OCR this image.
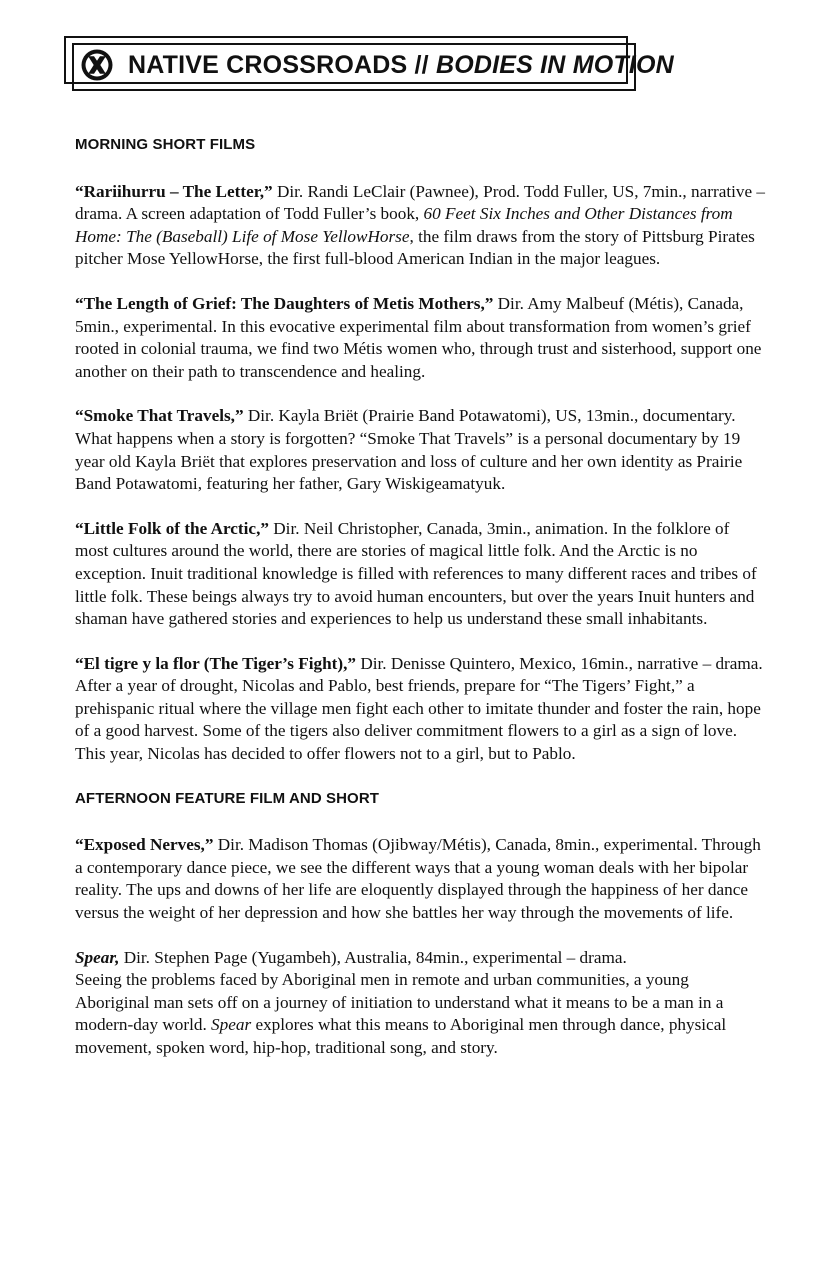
NATIVE CROSSROADS // BODIES IN MOTION
MORNING SHORT FILMS

“Rariihurru – The Letter,” Dir. Randi LeClair (Pawnee), Prod. Todd Fuller, US, 7min., narrative – drama. A screen adaptation of Todd Fuller’s book, 60 Feet Six Inches and Other Distances from Home: The (Baseball) Life of Mose YellowHorse, the film draws from the story of Pittsburg Pirates pitcher Mose YellowHorse, the first full-blood American Indian in the major leagues.

“The Length of Grief: The Daughters of Metis Mothers,” Dir. Amy Malbeuf (Métis), Canada, 5min., experimental. In this evocative experimental film about transformation from women’s grief rooted in colonial trauma, we find two Métis women who, through trust and sisterhood, support one another on their path to transcendence and healing.

“Smoke That Travels,” Dir. Kayla Briët (Prairie Band Potawatomi), US, 13min., documentary. What happens when a story is forgotten? “Smoke That Travels” is a personal documentary by 19 year old Kayla Briët that explores preservation and loss of culture and her own identity as Prairie Band Potawatomi, featuring her father, Gary Wiskigeamatyuk.

“Little Folk of the Arctic,” Dir. Neil Christopher, Canada, 3min., animation. In the folklore of most cultures around the world, there are stories of magical little folk. And the Arctic is no exception. Inuit traditional knowledge is filled with references to many different races and tribes of little folk. These beings always try to avoid human encounters, but over the years Inuit hunters and shaman have gathered stories and experiences to help us understand these small inhabitants.

“El tigre y la flor (The Tiger’s Fight),” Dir. Denisse Quintero, Mexico, 16min., narrative – drama. After a year of drought, Nicolas and Pablo, best friends, prepare for “The Tigers’ Fight,” a prehispanic ritual where the village men fight each other to imitate thunder and foster the rain, hope of a good harvest. Some of the tigers also deliver commitment flowers to a girl as a sign of love. This year, Nicolas has decided to offer flowers not to a girl, but to Pablo.

AFTERNOON FEATURE FILM AND SHORT

“Exposed Nerves,” Dir. Madison Thomas (Ojibway/Métis), Canada, 8min., experimental. Through a contemporary dance piece, we see the different ways that a young woman deals with her bipolar reality. The ups and downs of her life are eloquently displayed through the happiness of her dance versus the weight of her depression and how she battles her way through the movements of life.

Spear, Dir. Stephen Page (Yugambeh), Australia, 84min., experimental – drama.
Seeing the problems faced by Aboriginal men in remote and urban communities, a young Aboriginal man sets off on a journey of initiation to understand what it means to be a man in a modern-day world. Spear explores what this means to Aboriginal men through dance, physical movement, spoken word, hip-hop, traditional song, and story.
